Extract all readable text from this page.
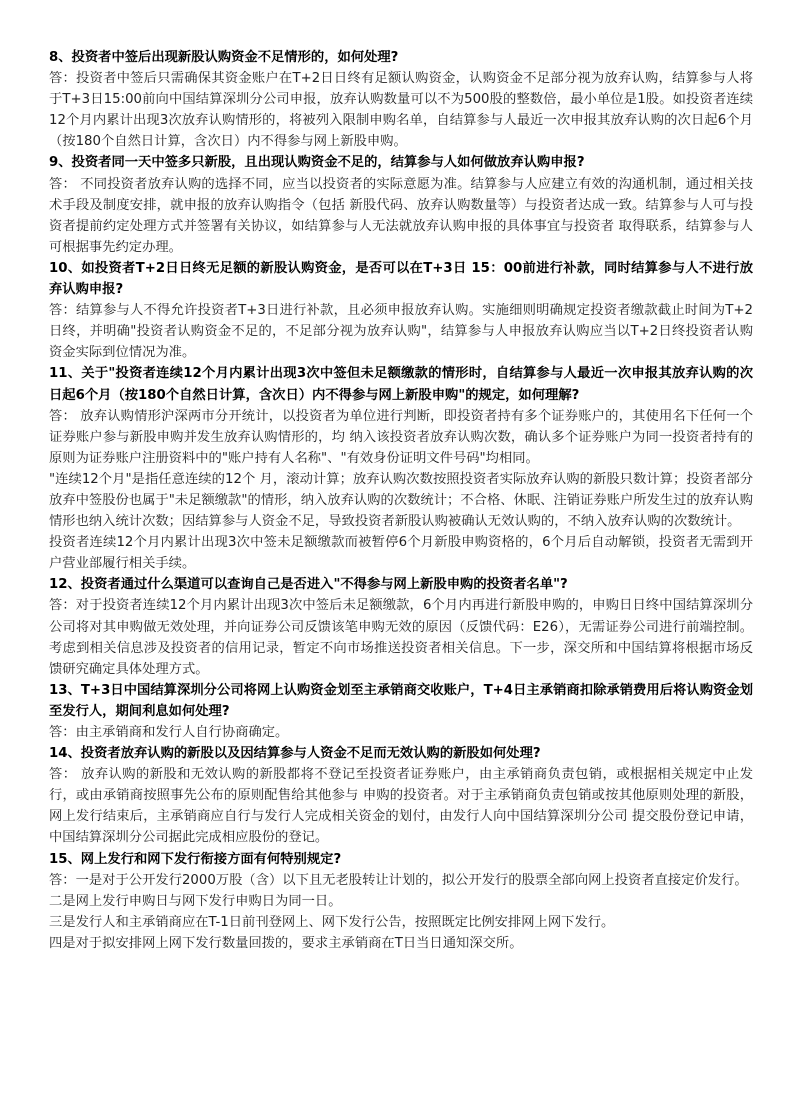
8、投资者中签后出现新股认购资金不足情形的，如何处理?

答：投资者中签后只需确保其资金账户在T+2日日终有足额认购资金，认购资金不足部分视为放弃认购，结算参与人将于T+3日15:00前向中国结算深圳分公司申报，放弃认购数量可以不为500股的整数倍，最小单位是1股。如投资者连续12个月内累计出现3次放弃认购情形的，将被列入限制申购名单，自结算参与人最近一次申报其放弃认购的次日起6个月（按180个自然日计算，含次日）内不得参与网上新股申购。

9、投资者同一天中签多只新股，且出现认购资金不足的，结算参与人如何做放弃认购申报?

答： 不同投资者放弃认购的选择不同，应当以投资者的实际意愿为准。结算参与人应建立有效的沟通机制，通过相关技术手段及制度安排，就申报的放弃认购指令（包括 新股代码、放弃认购数量等）与投资者达成一致。结算参与人可与投资者提前约定处理方式并签署有关协议，如结算参与人无法就放弃认购申报的具体事宜与投资者 取得联系，结算参与人可根据事先约定办理。

10、如投资者T+2日日终无足额的新股认购资金，是否可以在T+3日 15：00前进行补款，同时结算参与人不进行放弃认购申报?

答：结算参与人不得允许投资者T+3日进行补款，且必须申报放弃认购。实施细则明确规定投资者缴款截止时间为T+2日终，并明确"投资者认购资金不足的，不足部分视为放弃认购"，结算参与人申报放弃认购应当以T+2日终投资者认购资金实际到位情况为准。

11、关于"投资者连续12个月内累计出现3次中签但未足额缴款的情形时，自结算参与人最近一次申报其放弃认购的次日起6个月（按180个自然日计算，含次日）内不得参与网上新股申购"的规定，如何理解?

答： 放弃认购情形沪深两市分开统计，以投资者为单位进行判断，即投资者持有多个证券账户的，其使用名下任何一个证券账户参与新股申购并发生放弃认购情形的，均 纳入该投资者放弃认购次数，确认多个证券账户为同一投资者持有的原则为证券账户注册资料中的"账户持有人名称"、"有效身份证明文件号码"均相同。

"连续12个月"是指任意连续的12个 月，滚动计算；放弃认购次数按照投资者实际放弃认购的新股只数计算；投资者部分放弃中签股份也属于"未足额缴款"的情形，纳入放弃认购的次数统计；不合格、休眠、注销证券账户所发生过的放弃认购情形也纳入统计次数；因结算参与人资金不足，导致投资者新股认购被确认无效认购的，不纳入放弃认购的次数统计。

投资者连续12个月内累计出现3次中签未足额缴款而被暂停6个月新股申购资格的，6个月后自动解锁，投资者无需到开户营业部履行相关手续。

12、投资者通过什么渠道可以查询自己是否进入"不得参与网上新股申购的投资者名单"?

答：对于投资者连续12个月内累计出现3次中签后未足额缴款，6个月内再进行新股申购的，申购日日终中国结算深圳分公司将对其申购做无效处理，并向证券公司反馈该笔申购无效的原因（反馈代码：E26），无需证券公司进行前端控制。考虑到相关信息涉及投资者的信用记录，暂定不向市场推送投资者相关信息。下一步，深交所和中国结算将根据市场反馈研究确定具体处理方式。

13、T+3日中国结算深圳分公司将网上认购资金划至主承销商交收账户，T+4日主承销商扣除承销费用后将认购资金划至发行人，期间利息如何处理?

答：由主承销商和发行人自行协商确定。

14、投资者放弃认购的新股以及因结算参与人资金不足而无效认购的新股如何处理?

答： 放弃认购的新股和无效认购的新股都将不登记至投资者证券账户，由主承销商负责包销，或根据相关规定中止发行，或由承销商按照事先公布的原则配售给其他参与 申购的投资者。对于主承销商负责包销或按其他原则处理的新股，网上发行结束后，主承销商应自行与发行人完成相关资金的划付，由发行人向中国结算深圳分公司 提交股份登记申请，中国结算深圳分公司据此完成相应股份的登记。

15、网上发行和网下发行衔接方面有何特别规定?

答：一是对于公开发行2000万股（含）以下且无老股转让计划的，拟公开发行的股票全部向网上投资者直接定价发行。

二是网上发行申购日与网下发行申购日为同一日。

三是发行人和主承销商应在T-1日前刊登网上、网下发行公告，按照既定比例安排网上网下发行。

四是对于拟安排网上网下发行数量回拨的，要求主承销商在T日当日通知深交所。
